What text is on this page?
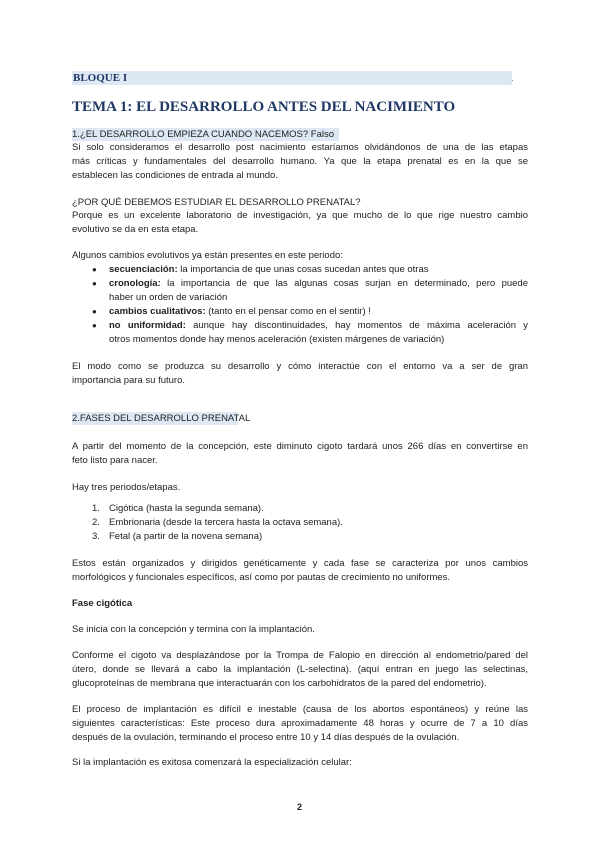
BLOQUE I	.
TEMA 1: EL DESARROLLO ANTES DEL NACIMIENTO
1.¿EL DESARROLLO EMPIEZA CUANDO NACEMOS? Falso
Si solo consideramos el desarrollo post nacimiento estaríamos olvidándonos de una de las etapas
más críticas y fundamentales del desarrollo humano. Ya que la etapa prenatal es en la que se
establecen las condiciones de entrada al mundo.
¿POR QUÉ DEBEMOS ESTUDIAR EL DESARROLLO PRENATAL?
Porque es un excelente laboratorio de investigación, ya que mucho de lo que rige nuestro cambio
evolutivo se da en esta etapa.
Algunos cambios evolutivos ya están presentes en este periodo:
● secuenciación: la importancia de que unas cosas sucedan antes que otras
● cronología: la importancia de que las algunas cosas surjan en determinado, pero puede
haber un orden de variación
● cambios cualitativos: (tanto en el pensar como en el sentir) !
● no uniformidad: aunque hay discontinuidades, hay momentos de máxima aceleración y
otros momentos donde hay menos aceleración (existen márgenes de variación)
El modo como se produzca su desarrollo y cómo interactúe con el entorno va a ser de gran
importancia para su futuro.
2.FASES DEL DESARROLLO PRENATAL
A partir del momento de la concepción, este diminuto cigoto tardará unos 266 días en convertirse en
feto listo para nacer.
Hay tres periodos/etapas.
1. Cigótica (hasta la segunda semana).
2. Embrionaria (desde la tercera hasta la octava semana).
3. Fetal (a partir de la novena semana)
Estos están organizados y dirigidos genéticamente y cada fase se caracteriza por unos cambios
morfológicos y funcionales específicos, así como por pautas de crecimiento no uniformes.
Fase cigótica
Se inicia con la concepción y termina con la implantación.
Conforme el cigoto va desplazándose por la Trompa de Falopio en dirección al endometrio/pared del
útero, donde se llevará a cabo la implantación (L-selectina). (aquí entran en juego las selectinas,
glucoproteínas de membrana que interactuarán con los carbohidratos de la pared del endometrio).
El proceso de implantación es difícil e inestable (causa de los abortos espontáneos) y reúne las
siguientes características: Este proceso dura aproximadamente 48 horas y ocurre de 7 a 10 días
después de la ovulación, terminando el proceso entre 10 y 14 días después de la ovulación.
Si la implantación es exitosa comenzará la especialización celular:
2
